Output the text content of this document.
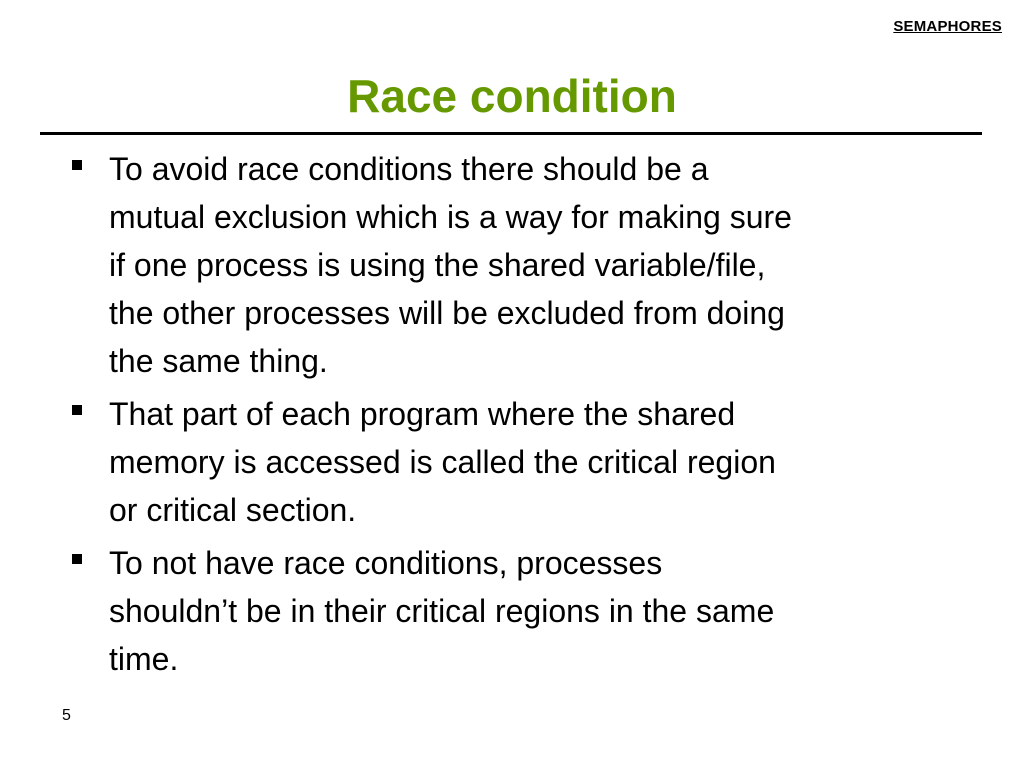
SEMAPHORES
Race condition
To avoid race conditions there should be a
mutual exclusion which is a way for making sure
if one process is using the shared variable/file,
the other processes will be excluded from doing
the same thing.
That part of each program where the shared
memory is accessed is called the critical region
or critical section.
To not have race conditions, processes
shouldn’t be in their critical regions in the same
time.
5
